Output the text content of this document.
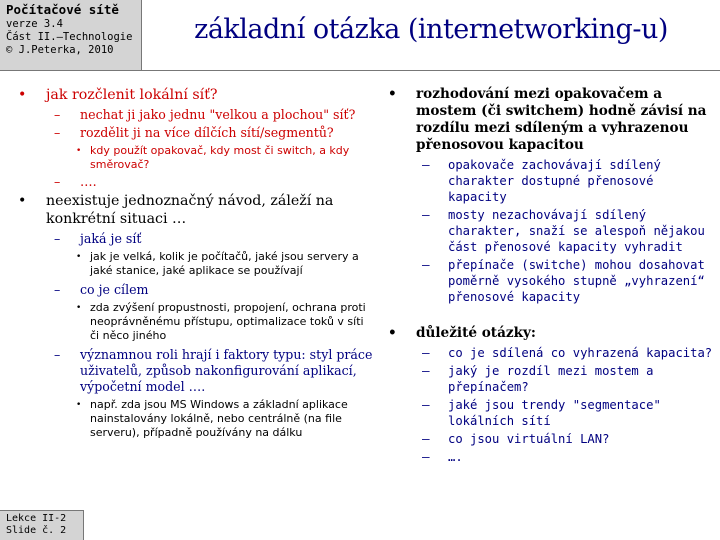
Počítačové sítě
verze 3.4
Část II.–Technologie
© J.Peterka, 2010
základní otázka (internetworking-u)
• jak rozčlenit lokální síť?
– nechat ji jako jednu "velkou a plochou" síť?
– rozdělit ji na více dílčích sítí/segmentů?
• kdy použít opakovač, kdy most či switch, a kdy směrovač?
– ….
• neexistuje jednoznačný návod, záleží na konkrétní situaci …
– jaká je síť
• jak je velká, kolik je počítačů, jaké jsou servery a jaké stanice, jaké aplikace se používají
– co je cílem
• zda zvýšení propustnosti, propojení, ochrana proti neoprávněnému přístupu, optimalizace toků v síti či něco jiného
– významnou roli hrají i faktory typu: styl práce uživatelů, způsob nakonfigurování aplikací, výpočetní model ….
• např. zda jsou MS Windows a základní aplikace nainstalovány lokálně, nebo centrálně (na file serveru), případně používány na dálku
• rozhodování mezi opakovačem a mostem (či switchem) hodně závisí na rozdílu mezi sdíleným a vyhrazenou přenosovou kapacitou
– opakovače zachovávají sdílený charakter dostupné přenosové kapacity
– mosty nezachovávají sdílený charakter, snaží se alespoň nějakou část přenosové kapacity vyhradit
– přepínače (switche) mohou dosahovat poměrně vysokého stupně „vyhrazení“ přenosové kapacity
• důležité otázky:
– co je sdílená co vyhrazená kapacita?
– jaký je rozdíl mezi mostem a přepínačem?
– jaké jsou trendy "segmentace" lokálních sítí
– co jsou virtuální LAN?
– ….
Lekce II-2
Slide č. 2
